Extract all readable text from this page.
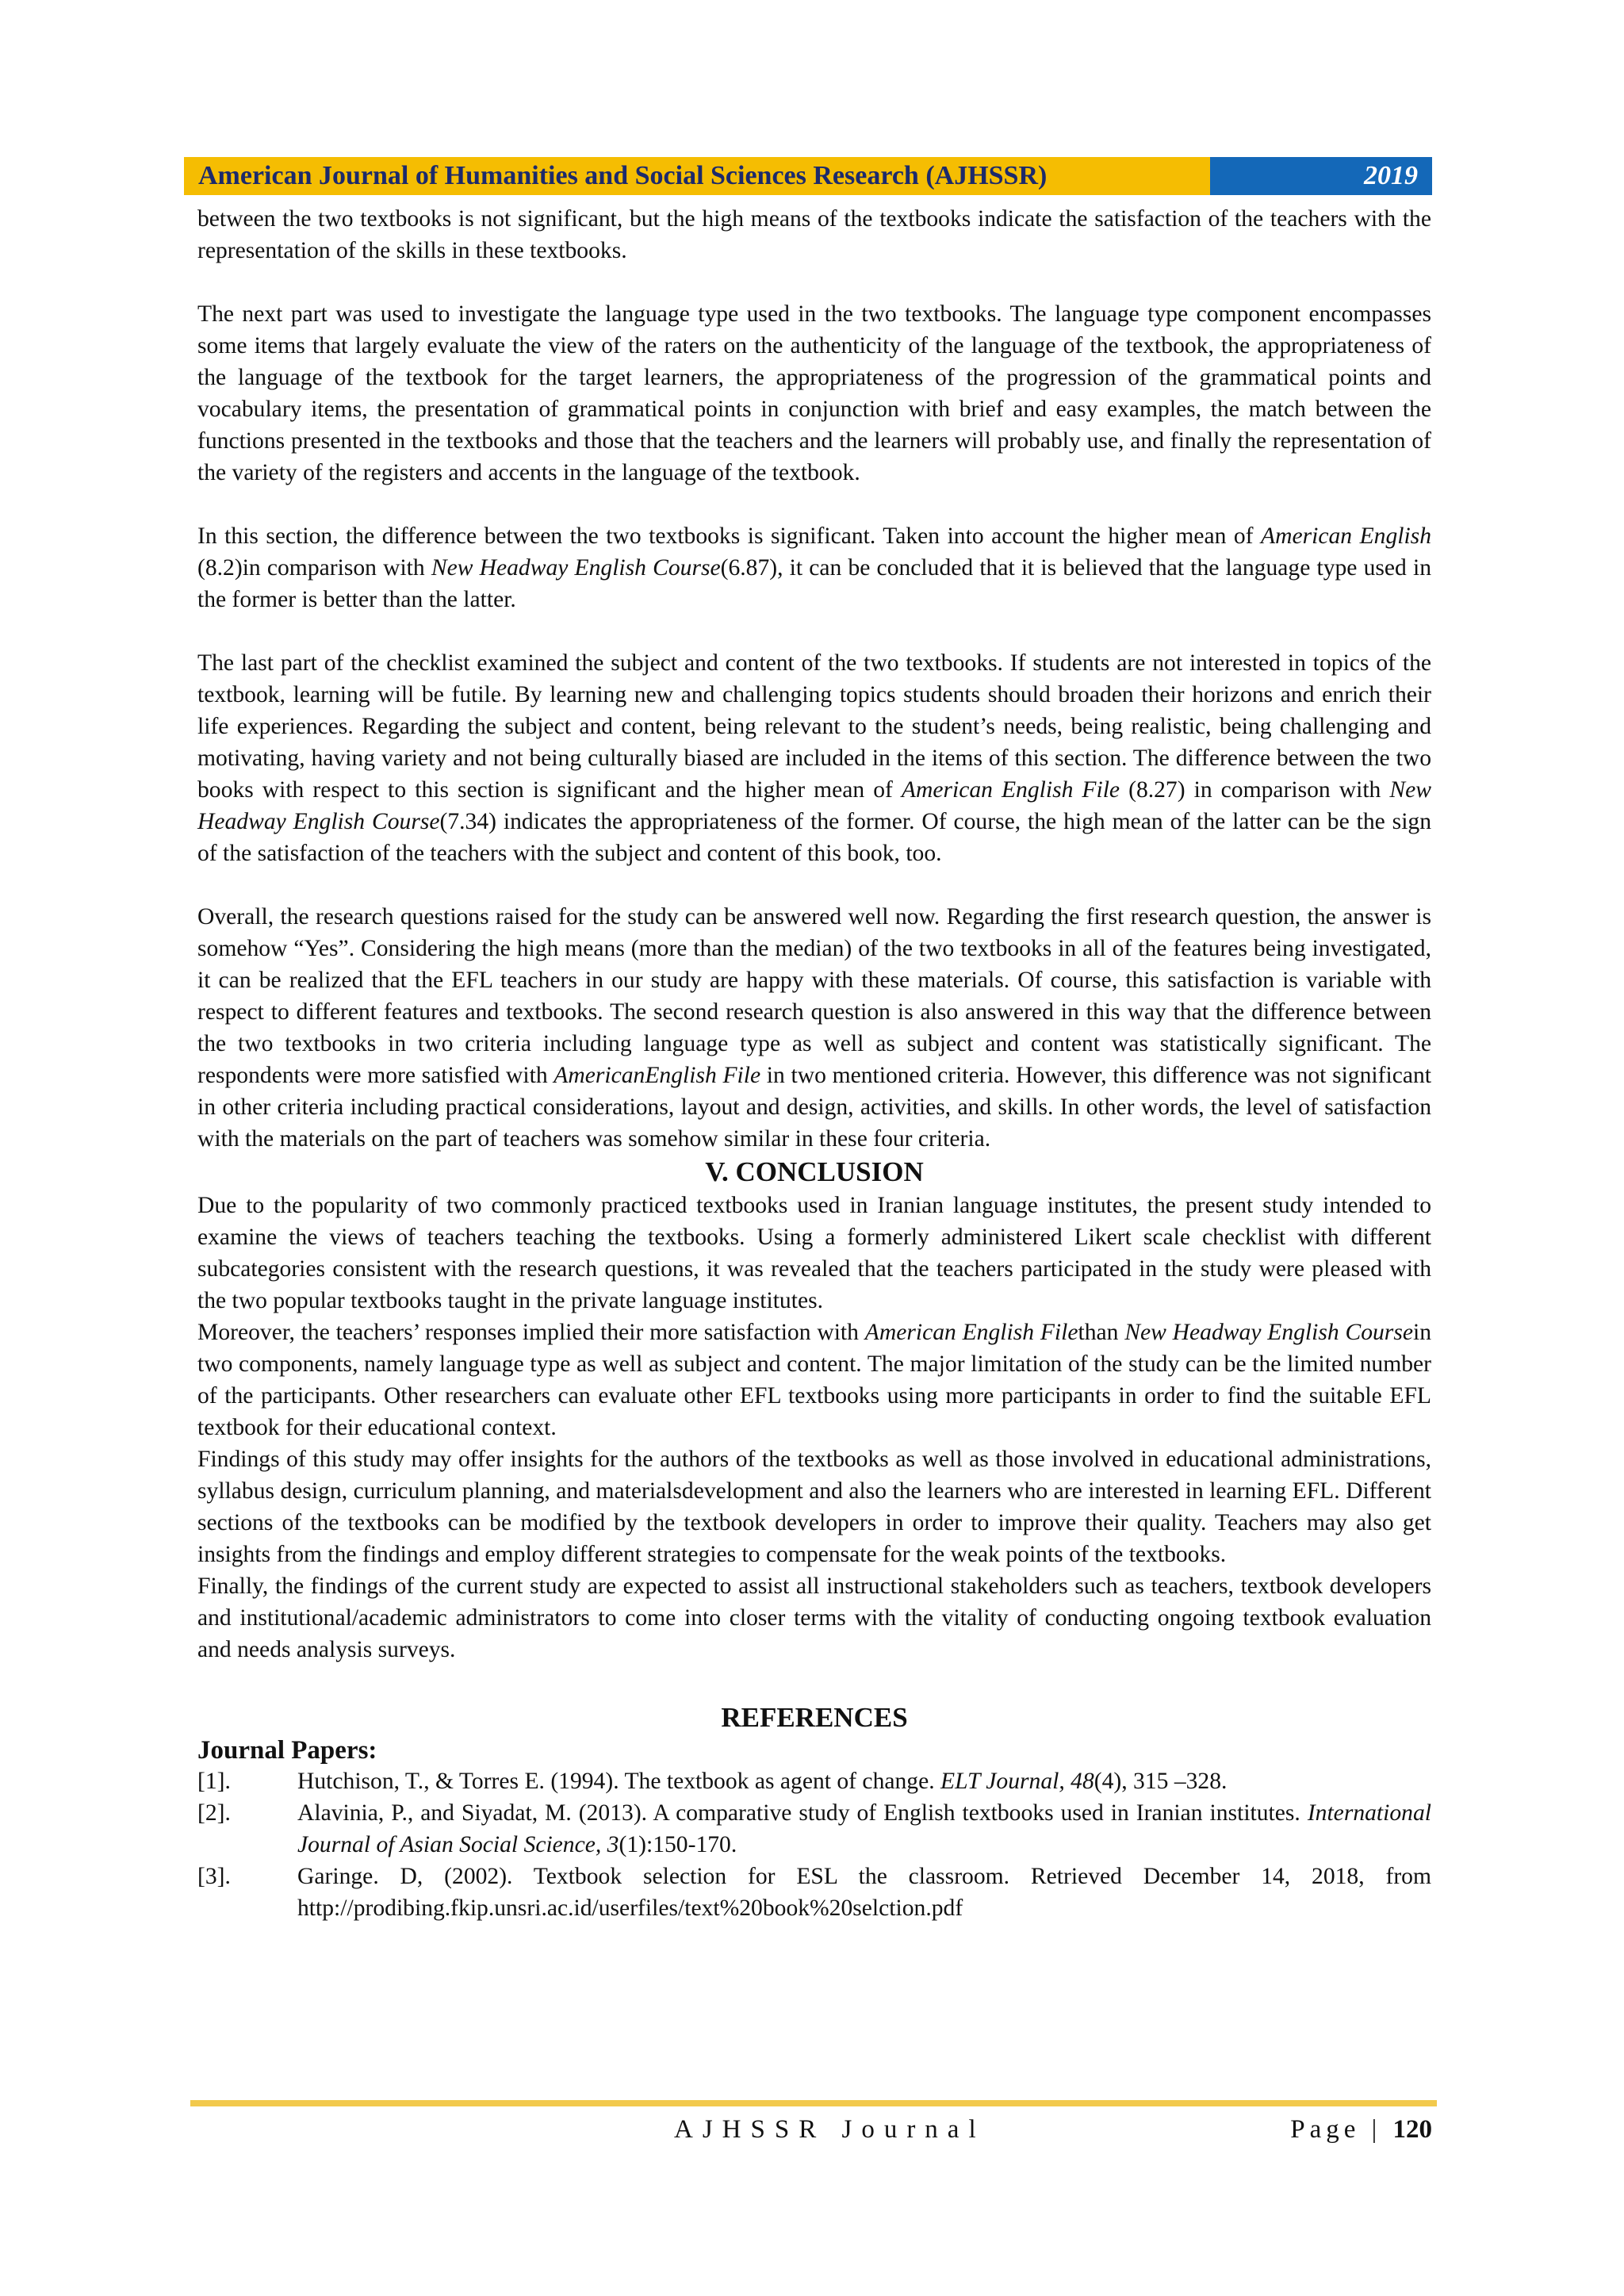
American Journal of Humanities and Social Sciences Research (AJHSSR)	2019

between the two textbooks is not significant, but the high means of the textbooks indicate the satisfaction of the teachers with the representation of the skills in these textbooks.

The next part was used to investigate the language type used in the two textbooks. The language type component encompasses some items that largely evaluate the view of the raters on the authenticity of the language of the textbook, the appropriateness of the language of the textbook for the target learners, the appropriateness of the progression of the grammatical points and vocabulary items, the presentation of grammatical points in conjunction with brief and easy examples, the match between the functions presented in the textbooks and those that the teachers and the learners will probably use, and finally the representation of the variety of the registers and accents in the language of the textbook.

In this section, the difference between the two textbooks is significant. Taken into account the higher mean of American English (8.2)in comparison with New Headway English Course(6.87), it can be concluded that it is believed that the language type used in the former is better than the latter.

The last part of the checklist examined the subject and content of the two textbooks. If students are not interested in topics of the textbook, learning will be futile. By learning new and challenging topics students should broaden their horizons and enrich their life experiences. Regarding the subject and content, being relevant to the student’s needs, being realistic, being challenging and motivating, having variety and not being culturally biased are included in the items of this section. The difference between the two books with respect to this section is significant and the higher mean of American English File (8.27) in comparison with New Headway English Course(7.34) indicates the appropriateness of the former. Of course, the high mean of the latter can be the sign of the satisfaction of the teachers with the subject and content of this book, too.

Overall, the research questions raised for the study can be answered well now. Regarding the first research question, the answer is somehow “Yes”. Considering the high means (more than the median) of the two textbooks in all of the features being investigated, it can be realized that the EFL teachers in our study are happy with these materials. Of course, this satisfaction is variable with respect to different features and textbooks. The second research question is also answered in this way that the difference between the two textbooks in two criteria including language type as well as subject and content was statistically significant. The respondents were more satisfied with AmericanEnglish File in two mentioned criteria. However, this difference was not significant in other criteria including practical considerations, layout and design, activities, and skills. In other words, the level of satisfaction with the materials on the part of teachers was somehow similar in these four criteria.

V. CONCLUSION

Due to the popularity of two commonly practiced textbooks used in Iranian language institutes, the present study intended to examine the views of teachers teaching the textbooks. Using a formerly administered Likert scale checklist with different subcategories consistent with the research questions, it was revealed that the teachers participated in the study were pleased with the two popular textbooks taught in the private language institutes.

Moreover, the teachers’ responses implied their more satisfaction with American English Filethan New Headway English Coursein two components, namely language type as well as subject and content. The major limitation of the study can be the limited number of the participants. Other researchers can evaluate other EFL textbooks using more participants in order to find the suitable EFL textbook for their educational context.

Findings of this study may offer insights for the authors of the textbooks as well as those involved in educational administrations, syllabus design, curriculum planning, and materialsdevelopment and also the learners who are interested in learning EFL. Different sections of the textbooks can be modified by the textbook developers in order to improve their quality. Teachers may also get insights from the findings and employ different strategies to compensate for the weak points of the textbooks.

Finally, the findings of the current study are expected to assist all instructional stakeholders such as teachers, textbook developers and institutional/academic administrators to come into closer terms with the vitality of conducting ongoing textbook evaluation and needs analysis surveys.

REFERENCES
Journal Papers:
[1].	Hutchison, T., & Torres E. (1994). The textbook as agent of change. ELT Journal, 48(4), 315 –328.
[2].	Alavinia, P., and Siyadat, M. (2013). A comparative study of English textbooks used in Iranian institutes. International Journal of Asian Social Science, 3(1):150-170.
[3].	Garinge. D, (2002). Textbook selection for ESL the classroom. Retrieved December 14, 2018, from http://prodibing.fkip.unsri.ac.id/userfiles/text%20book%20selction.pdf
AJHSSR Journal	Page | 120
